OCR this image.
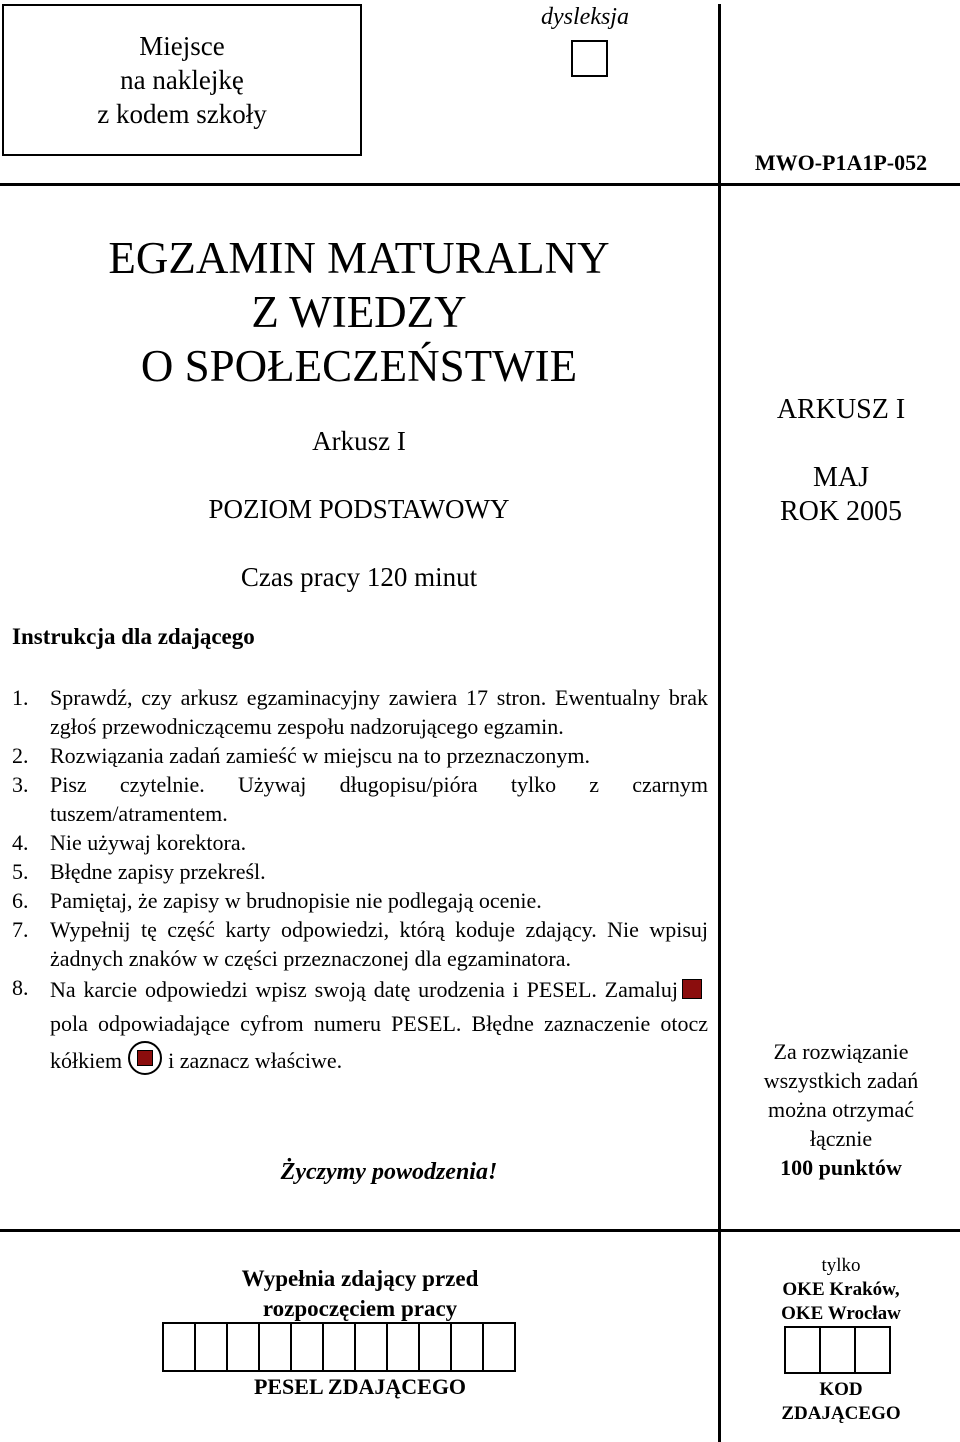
Miejsce
na naklejkę
z kodem szkoły
dysleksja
MWO-P1A1P-052
EGZAMIN MATURALNY
Z WIEDZY
O SPOŁECZEŃSTWIE
Arkusz I
POZIOM PODSTAWOWY
Czas pracy 120 minut
ARKUSZ I
MAJ
ROK 2005
Instrukcja dla zdającego
1. Sprawdź, czy arkusz egzaminacyjny zawiera 17 stron. Ewentualny brak zgłoś przewodniczącemu zespołu nadzorującego egzamin.
2. Rozwiązania zadań zamieść w miejscu na to przeznaczonym.
3. Pisz czytelnie. Używaj długopisu/pióra tylko z czarnym tuszem/atramentem.
4. Nie używaj korektora.
5. Błędne zapisy przekreśl.
6. Pamiętaj, że zapisy w brudnopisie nie podlegają ocenie.
7. Wypełnij tę część karty odpowiedzi, którą koduje zdający. Nie wpisuj żadnych znaków w części przeznaczonej dla egzaminatora.
8. Na karcie odpowiedzi wpisz swoją datę urodzenia i PESEL. Zamalujpola odpowiadające cyfrom numeru PESEL. Błędne zaznaczenie otocz kółkiem i zaznacz właściwe.
Życzymy powodzenia!
Za rozwiązanie
wszystkich zadań
można otrzymać
łącznie
100 punktów
Wypełnia zdający przed
rozpoczęciem pracy
PESEL ZDAJĄCEGO
tylko
OKE Kraków,
OKE Wrocław
KOD
ZDAJĄCEGO
